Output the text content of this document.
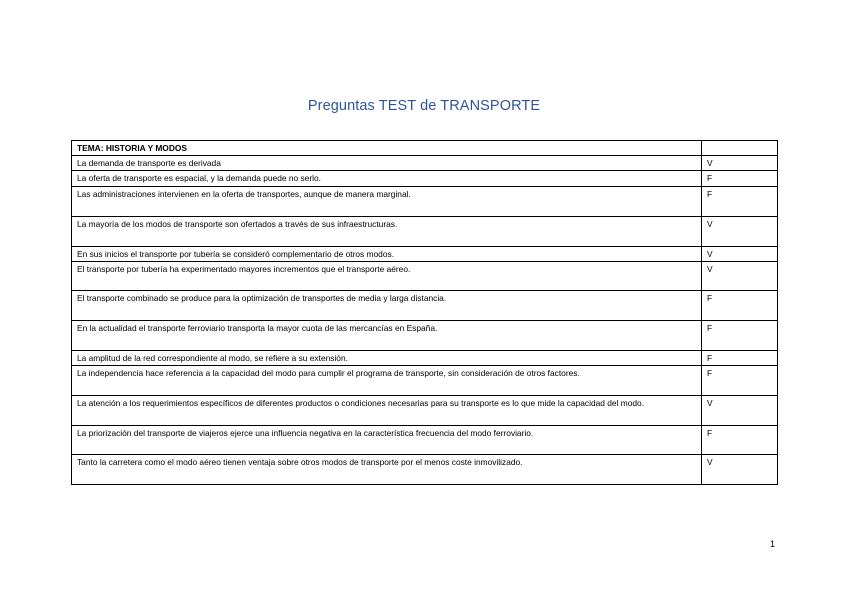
Preguntas TEST de TRANSPORTE
TEMA: HISTORIA Y MODOS	
La demanda de transporte es derivada	V
La oferta de transporte es espacial, y la demanda puede no serlo.	F
Las administraciones intervienen en la oferta de transportes, aunque de manera marginal.	F
La mayoría de los modos de transporte son ofertados a través de sus infraestructuras.	V
En sus inicios el transporte por tubería se consideró complementario de otros modos.	V
El transporte por tubería ha experimentado mayores incrementos que el transporte aéreo.	V
El transporte combinado se produce para la optimización de transportes de media y larga distancia.	F
En la actualidad el transporte ferroviario transporta la mayor cuota de las mercancías en España.	F
La amplitud de la red correspondiente al modo, se refiere a su extensión.	F
La independencia hace referencia a la capacidad del modo para cumplir el programa de transporte, sin consideración de otros factores.	F
La atención a los requerimientos específicos de diferentes productos o condiciones necesarias para su transporte es lo que mide la capacidad del modo.	V
La priorización del transporte de viajeros ejerce una influencia negativa en la característica frecuencia del modo ferroviario.	F
Tanto la carretera como el modo aéreo tienen ventaja sobre otros modos de transporte por el menos coste inmovilizado.	V
1
